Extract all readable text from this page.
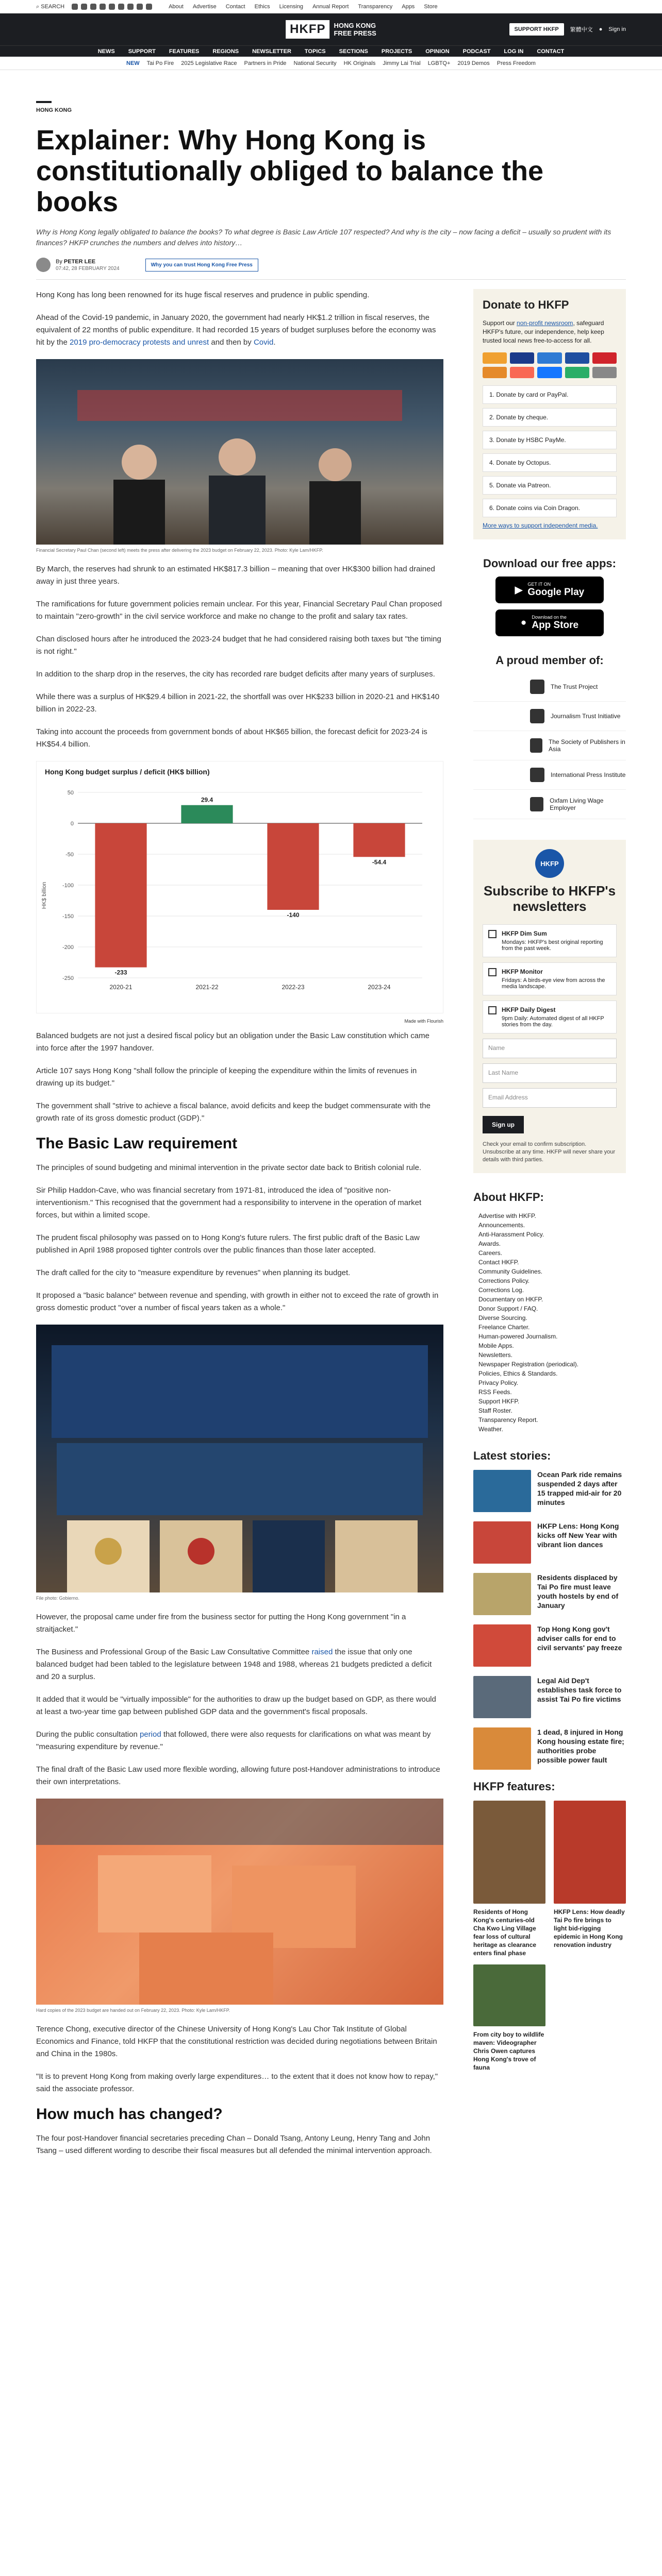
⌕ SEARCH	About Advertise Contact Ethics Licensing Annual Report Transparency Apps Store
HKFP	HONG KONG
FREE PRESS	SUPPORT HKFP	繁體中文 ● Sign in
NEWS SUPPORT FEATURES REGIONS NEWSLETTER TOPICS SECTIONS PROJECTS OPINION PODCAST LOG IN CONTACT
NEW Tai Po Fire 2025 Legislative Race Partners in Pride National Security HK Originals Jimmy Lai Trial LGBTQ+ 2019 Demos Press Freedom
HONG KONG
Explainer: Why Hong Kong is constitutionally obliged to balance the books
Why is Hong Kong legally obligated to balance the books? To what degree is Basic Law Article 107 respected? And why is the city – now facing a deficit – usually so prudent with its finances? HKFP crunches the numbers and delves into history…
By PETER LEE
07:42, 28 FEBRUARY 2024
Why you can trust Hong Kong Free Press

Hong Kong has long been renowned for its huge fiscal reserves and prudence in public spending.

Ahead of the Covid-19 pandemic, in January 2020, the government had nearly HK$1.2 trillion in fiscal reserves, the equivalent of 22 months of public expenditure. It had recorded 15 years of budget surpluses before the economy was hit by the 2019 pro-democracy protests and unrest and then by Covid.

Financial Secretary Paul Chan (second left) meets the press after delivering the 2023 budget on February 22, 2023. Photo: Kyle Lam/HKFP.

By March, the reserves had shrunk to an estimated HK$817.3 billion – meaning that over HK$300 billion had drained away in just three years.

The ramifications for future government policies remain unclear. For this year, Financial Secretary Paul Chan proposed to maintain "zero-growth" in the civil service workforce and make no change to the profit and salary tax rates.

Chan disclosed hours after he introduced the 2023-24 budget that he had considered raising both taxes but "the timing is not right."

In addition to the sharp drop in the reserves, the city has recorded rare budget deficits after many years of surpluses.

While there was a surplus of HK$29.4 billion in 2021-22, the shortfall was over HK$233 billion in 2020-21 and HK$140 billion in 2022-23.

Taking into account the proceeds from government bonds of about HK$65 billion, the forecast deficit for 2023-24 is HK$54.4 billion.

Hong Kong budget surplus / deficit (HK$ billion)
-250
-200
-150
-100
-50
0
50
-233
2020-21
29.4
2021-22
-140
2022-23
-54.4
2023-24
HK$ billion
Made with Flourish

Balanced budgets are not just a desired fiscal policy but an obligation under the Basic Law constitution which came into force after the 1997 handover.

Article 107 says Hong Kong "shall follow the principle of keeping the expenditure within the limits of revenues in drawing up its budget."

The government shall "strive to achieve a fiscal balance, avoid deficits and keep the budget commensurate with the growth rate of its gross domestic product (GDP)."

The Basic Law requirement

The principles of sound budgeting and minimal intervention in the private sector date back to British colonial rule.

Sir Philip Haddon-Cave, who was financial secretary from 1971-81, introduced the idea of "positive non-interventionism." This recognised that the government had a responsibility to intervene in the operation of market forces, but within a limited scope.

The prudent fiscal philosophy was passed on to Hong Kong's future rulers. The first public draft of the Basic Law published in April 1988 proposed tighter controls over the public finances than those later accepted.

The draft called for the city to "measure expenditure by revenues" when planning its budget.

It proposed a "basic balance" between revenue and spending, with growth in either not to exceed the rate of growth in gross domestic product "over a number of fiscal years taken as a whole."

File photo: Gobierno.

However, the proposal came under fire from the business sector for putting the Hong Kong government "in a straitjacket."

The Business and Professional Group of the Basic Law Consultative Committee raised the issue that only one balanced budget had been tabled to the legislature between 1948 and 1988, whereas 21 budgets predicted a deficit and 20 a surplus.

It added that it would be "virtually impossible" for the authorities to draw up the budget based on GDP, as there would at least a two-year time gap between published GDP data and the government's fiscal proposals.

During the public consultation period that followed, there were also requests for clarifications on what was meant by "measuring expenditure by revenue."

The final draft of the Basic Law used more flexible wording, allowing future post-Handover administrations to introduce their own interpretations.

Hard copies of the 2023 budget are handed out on February 22, 2023. Photo: Kyle Lam/HKFP.

Terence Chong, executive director of the Chinese University of Hong Kong's Lau Chor Tak Institute of Global Economics and Finance, told HKFP that the constitutional restriction was decided during negotiations between Britain and China in the 1980s.

"It is to prevent Hong Kong from making overly large expenditures… to the extent that it does not know how to repay," said the associate professor.

How much has changed?

The four post-Handover financial secretaries preceding Chan – Donald Tsang, Antony Leung, Henry Tang and John Tsang – used different wording to describe their fiscal measures but all defended the minimal intervention approach.

Donate to HKFP

Support our non-profit newsroom, safeguard HKFP's future, our independence, help keep trusted local news free-to-access for all.

1. Donate by card or PayPal.
2. Donate by cheque.
3. Donate by HSBC PayMe.
4. Donate by Octopus.
5. Donate via Patreon.
6. Donate coins via Coin Dragon.

More ways to support independent media.

Download our free apps:
▶
GET IT ON
Google Play
● Download on the
App Store
A proud member of:
The Trust Project
Journalism Trust Initiative
The Society of Publishers in Asia
International Press Institute
Oxfam Living Wage Employer
HKFP
Subscribe to HKFP's newsletters
HKFP Dim Sum
Mondays: HKFP's best original reporting from the past week.
HKFP Monitor
Fridays: A birds-eye view from across the media landscape.
HKFP Daily Digest
9pm Daily: Automated digest of all HKFP stories from the day.
Name
Last Name
Email Address
Sign up

Check your email to confirm subscription. Unsubscribe at any time. HKFP will never share your details with third parties.

About HKFP:
Advertise with HKFP.
Announcements.
Anti-Harassment Policy.
Awards.
Careers.
Contact HKFP.
Community Guidelines.
Corrections Policy.
Corrections Log.
Documentary on HKFP.
Donor Support / FAQ.
Diverse Sourcing.
Freelance Charter.
Human-powered Journalism.
Mobile Apps.
Newsletters.
Newspaper Registration (periodical).
Policies, Ethics & Standards.
Privacy Policy.
RSS Feeds.
Support HKFP.
Staff Roster.
Transparency Report.
Weather.
Latest stories:
Ocean Park ride remains suspended 2 days after 15 trapped mid-air for 20 minutes
HKFP Lens: Hong Kong kicks off New Year with vibrant lion dances
Residents displaced by Tai Po fire must leave youth hostels by end of January
Top Hong Kong gov't adviser calls for end to civil servants' pay freeze
Legal Aid Dep't establishes task force to assist Tai Po fire victims
1 dead, 8 injured in Hong Kong housing estate fire; authorities probe possible power fault
HKFP features:
Residents of Hong Kong's centuries-old Cha Kwo Ling Village fear loss of cultural heritage as clearance enters final phase
HKFP Lens: How deadly Tai Po fire brings to light bid-rigging epidemic in Hong Kong renovation industry
From city boy to wildlife maven: Videographer Chris Owen captures Hong Kong's trove of fauna
